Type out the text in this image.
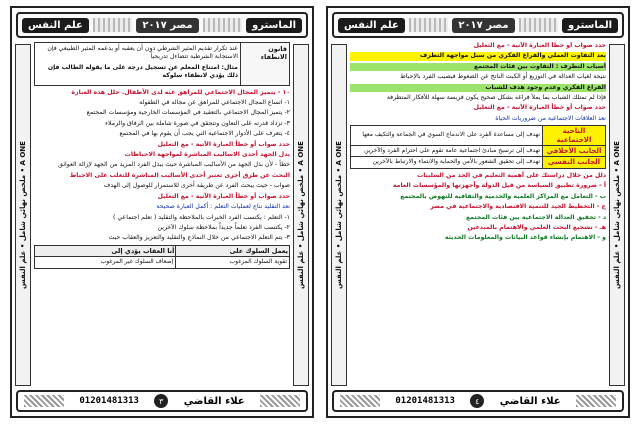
علم النفس	مصر ٢٠١٧	الماسترو
ملخص نهائي شامل • علم النفس • A ONE
ملخص نهائي شامل • علم النفس • A ONE
قانون الانطفاء

عند تكرار تقديم المثير الشرطي دون أن يعقبه أو يدعمه المثير الطبيعي فإن الاستجابة الشرطية تتضاءل تدريجياً

مثال: امتناع المعلم عن تسجيل درجة على ما يقوله الطالب فإن ذلك يؤدي لانطفاء سلوكه

١٠ - يتميز المجال الاجتماعي للمراهق عنه لدى الأطفال. حلل هذه العبارة

١- اتساع المجال الاجتماعي للمراهق عن مجاله في الطفولة

٢- يتميز المجال الاجتماعي بالتعقيد في المؤسسات الخارجية ومؤسسات المجتمع

٣- تزداد قدرته على التعاون وتتحقق في صورة شاملة بين الرفاق والزملاء

٤- يتعرف على الأدوار الاجتماعية التي يجب أن يقوم بها في المجتمع

حدد صواب أو خطأ العبارة الآتية - مع التعليل

بدل الجهد أحدى الاساليب المباشرة لمواجهة الاحباطات

خطأ - لأن بذل الجهد من الأساليب المباشرة حيث يبذل الفرد المزيد من الجهد لإزالة العوائق

البحث عن طرق أخرى تعتبر أحدى الأساليب المباشرة للتغلب على الاحباط

صواب - حيث يبحث الفرد عن طريقة أخرى للاستمرار للوصول إلى الهدف

حدد صواب أو خطأ العبارة الآتية - مع التعليل

تعد التقليد نتاج لعمليات التعلم : أكمل العبارة صحيحة

١- التعلم : يكتسب الفرد الخبرات بالملاحظة والتقليد ( تعلم اجتماعي )

٢- يكتسب الفرد تعلماً جديداً بملاحظة سلوك الآخرين

٣- يتم التعلم الاجتماعي من خلال النماذج والتقليد والتعزيز والعقاب حيث

يعمل السلوك على	أنا العقاب يؤدي إلى
تقوية السلوك المرغوب	إضعاف السلوك غير المرغوب
01201481313	٣	علاء القاضي
علم النفس	مصر ٢٠١٧	الماسترو
ملخص نهائي شامل • علم النفس • A ONE
ملخص نهائي شامل • علم النفس • A ONE

حدد صواب أو خطأ العبارة الآتية - مع التعليل

بعد التفاوت العملي والفراغ الفكري من سبل مواجهة التطرف

أسباب التطرف : التفاوت بين فئات المجتمع

نتيجة لغياب العدالة في التوزيع أو الكبت الناتج عن الضغوط فيصيب الفرد بالإحباط

الفراغ الفكري وعدم وجود هدف للشباب

فإذا لم تمتلك الشباب بما يملأ فراغه بشكل صحيح يكون فريسة سهلة للأفكار المتطرفة

حدد صواب أو خطأ العبارة الآتية - مع التعليل

تعد العلاقات الاجتماعية من ضروريات الحياة

الناحية الاجتماعية	تهدف إلى مساعدة الفرد على الاندماج السوي في الجماعة والتكيف معها
الجانب الأخلاقي	تهدف إلى ترسيخ مبادئ اجتماعية عامة تقوم على احترام الفرد والآخرين
الجانب النفسي	تهدف إلى تحقيق الشعور بالأمن والحماية والانتماء والارتباط بالآخرين

دلل من خلال دراستك على أهمية التعليم في الحد من السلبيات

أ - ضرورة تطبيق السياسة من قبل الدولة وأجهزتها والمؤسسات العامة

ب - التعامل مع المراكز العلمية والخدمية والثقافية للنهوض بالمجتمع

ج - التخطيط الجيد للتنمية الاقتصادية والاجتماعية في مصر

د - تحقيق العدالة الاجتماعية بين فئات المجتمع

هـ - تشجيع البحث العلمي والاهتمام بالمبدعين

و - الاهتمام بإنشاء قواعد البيانات والمعلومات الحديثة

01201481313	٤	علاء القاضي
